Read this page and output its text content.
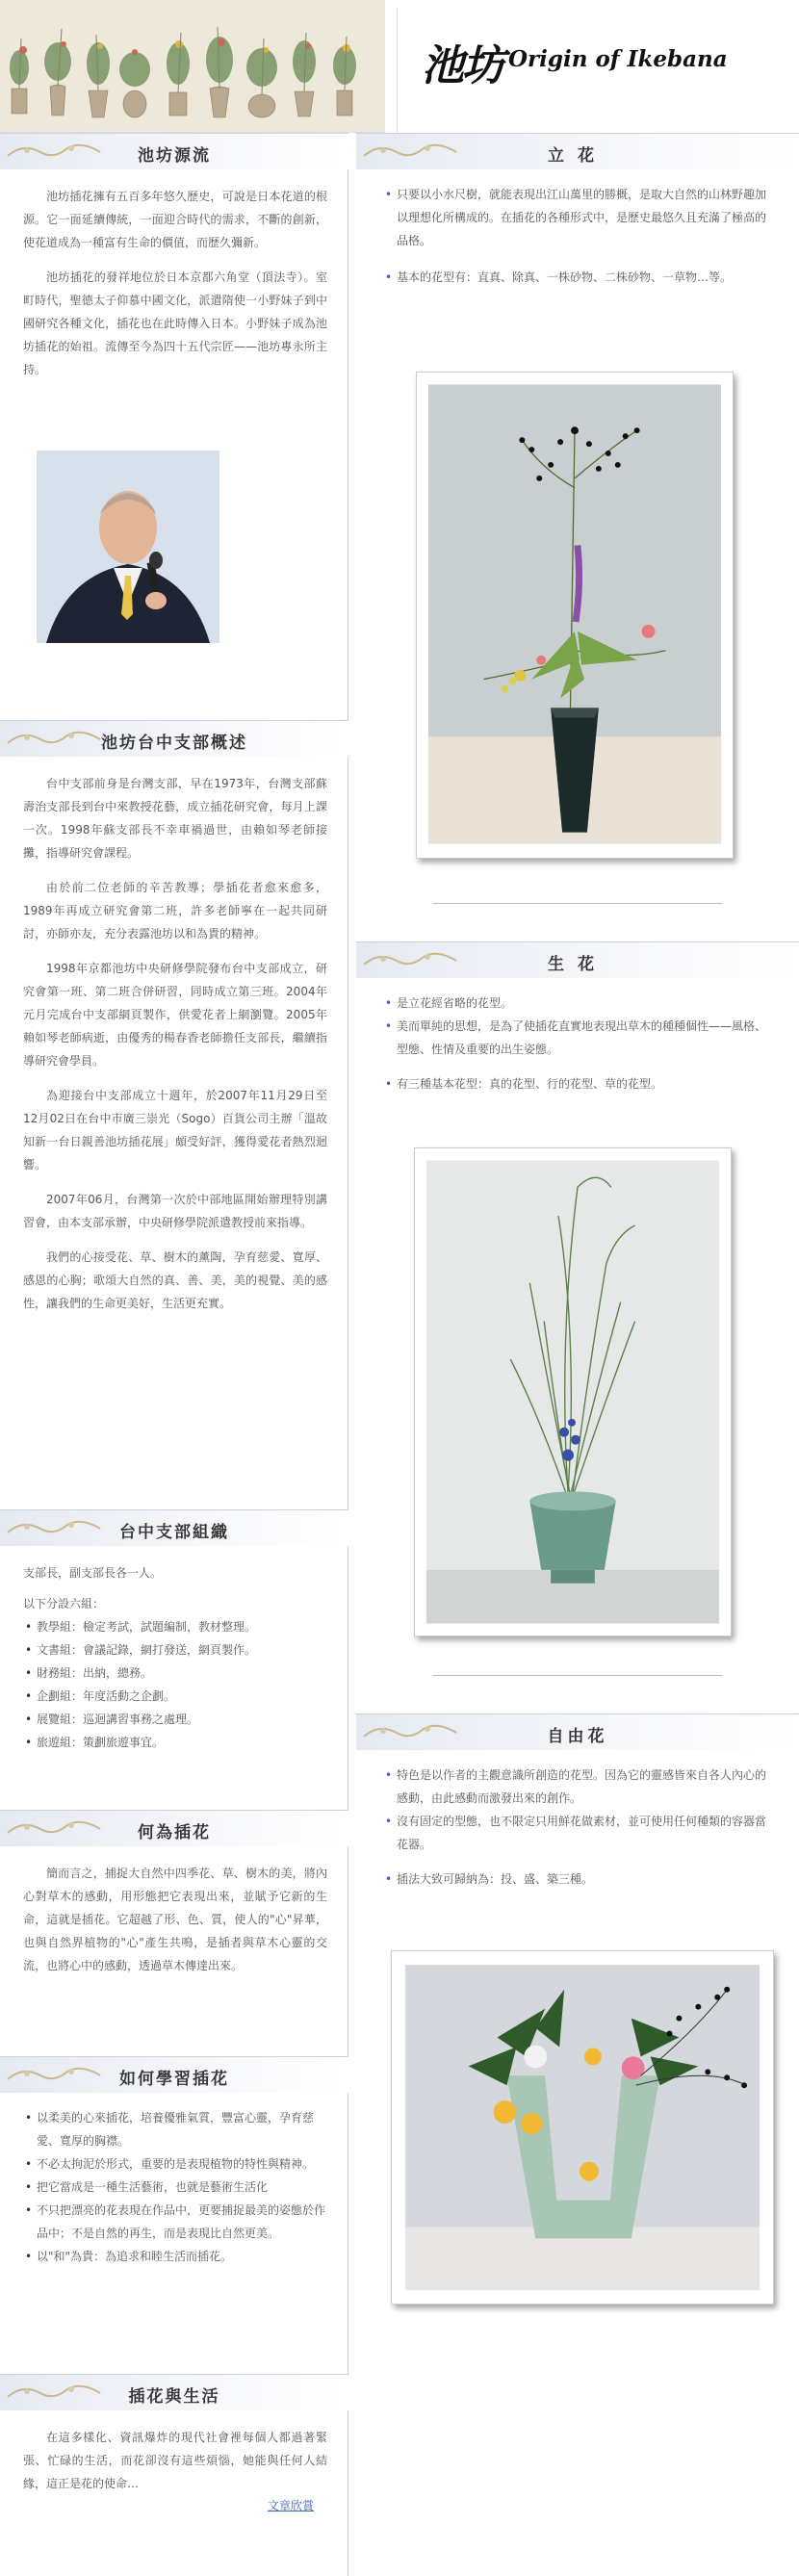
池坊 Origin of Ikebana
池坊源流

池坊插花擁有五百多年悠久歷史，可說是日本花道的根源。它一面延續傳統，一面迎合時代的需求，不斷的創新，使花道成為一種富有生命的價值，而歷久彌新。

池坊插花的發祥地位於日本京都六角堂（頂法寺）。室町時代，聖德太子仰慕中國文化，派遣隋使一小野妹子到中國研究各種文化，插花也在此時傳入日本。小野妹子成為池坊插花的始祖。流傳至今為四十五代宗匠——池坊專永所主持。

池坊台中支部概述

台中支部前身是台灣支部，早在1973年，台灣支部蘇壽治支部長到台中來教授花藝，成立插花研究會，每月上課一次。1998年蘇支部長不幸車禍過世，由賴如琴老師接攤，指導研究會課程。

由於前二位老師的辛苦教導；學插花者愈來愈多，1989年再成立研究會第二班，許多老師寧在一起共同研討，亦師亦友，充分表露池坊以和為貴的精神。

1998年京都池坊中央研修學院發布台中支部成立，研究會第一班、第二班合併研習，同時成立第三班。2004年元月完成台中支部網頁製作，供愛花者上網瀏覽。2005年賴如琴老師病逝，由優秀的楊春香老師擔任支部長，繼續指導研究會學員。

為迎接台中支部成立十週年，於2007年11月29日至12月02日在台中市廣三崇光（Sogo）百貨公司主辦「溫故知新一台日親善池坊插花展」頗受好評，獲得愛花者熱烈迴響。

2007年06月，台灣第一次於中部地區開始辦理特別講習會，由本支部承辦，中央研修學院派遣教授前來指導。

我們的心接受花、草、樹木的薰陶，孕育慈愛、寬厚、感恩的心胸；歌頌大自然的真、善、美，美的視覺、美的感性，讓我們的生命更美好，生活更充實。

台中支部組織
支部長，副支部長各一人。
以下分設六組：
• 教學組：檢定考試，試題編制，教材整理。
• 文書組：會議記錄，網打發送，網頁製作。
• 財務組：出納，總務。
• 企劃組：年度活動之企劃。
• 展覽組：巡迴講習事務之處理。
• 旅遊組：策劃旅遊事宜。
何為插花

簡而言之，捕捉大自然中四季花、草、樹木的美，將內心對草木的感動，用形態把它表現出來，並賦予它新的生命，這就是插花。它超越了形、色、質，使人的"心"昇華，也與自然界植物的"心"產生共鳴，是插者與草木心靈的交流，也將心中的感動，透過草木傳達出來。

如何學習插花
• 以柔美的心來插花，培養優雅氣質，豐富心靈，孕育慈愛、寬厚的胸襟。
• 不必太拘泥於形式，重要的是表現植物的特性與精神。
• 把它當成是一種生活藝術，也就是藝術生活化
• 不只把漂亮的花表現在作品中，更要捕捉最美的姿態於作品中；不是自然的再生，而是表現比自然更美。
• 以"和"為貴：為追求和睦生活而插花。
插花與生活

在這多樣化、資訊爆炸的現代社會裡每個人都過著緊張、忙碌的生活，而花卻沒有這些煩惱，她能與任何人結緣，這正是花的使命…

文章欣賞
立花
• 只要以小水尺樹，就能表現出江山萬里的勝概，是取大自然的山林野趣加以理想化所構成的。在插花的各種形式中，是歷史最悠久且充滿了極高的品格。
• 基本的花型有：直真、除真、一株砂物、二株砂物、一草物…等。
生花
• 是立花經省略的花型。
• 美而單純的思想，是為了使插花直實地表現出草木的種種個性——風格、型態、性情及重要的出生姿態。
• 有三種基本花型：真的花型、行的花型、草的花型。
自由花
• 特色是以作者的主觀意識所創造的花型。因為它的靈感皆來自各人內心的感動，由此感動而激發出來的創作。
• 沒有固定的型態，也不限定只用鮮花做素材，並可使用任何種類的容器當花器。
• 插法大致可歸納為：投、盛、築三種。
